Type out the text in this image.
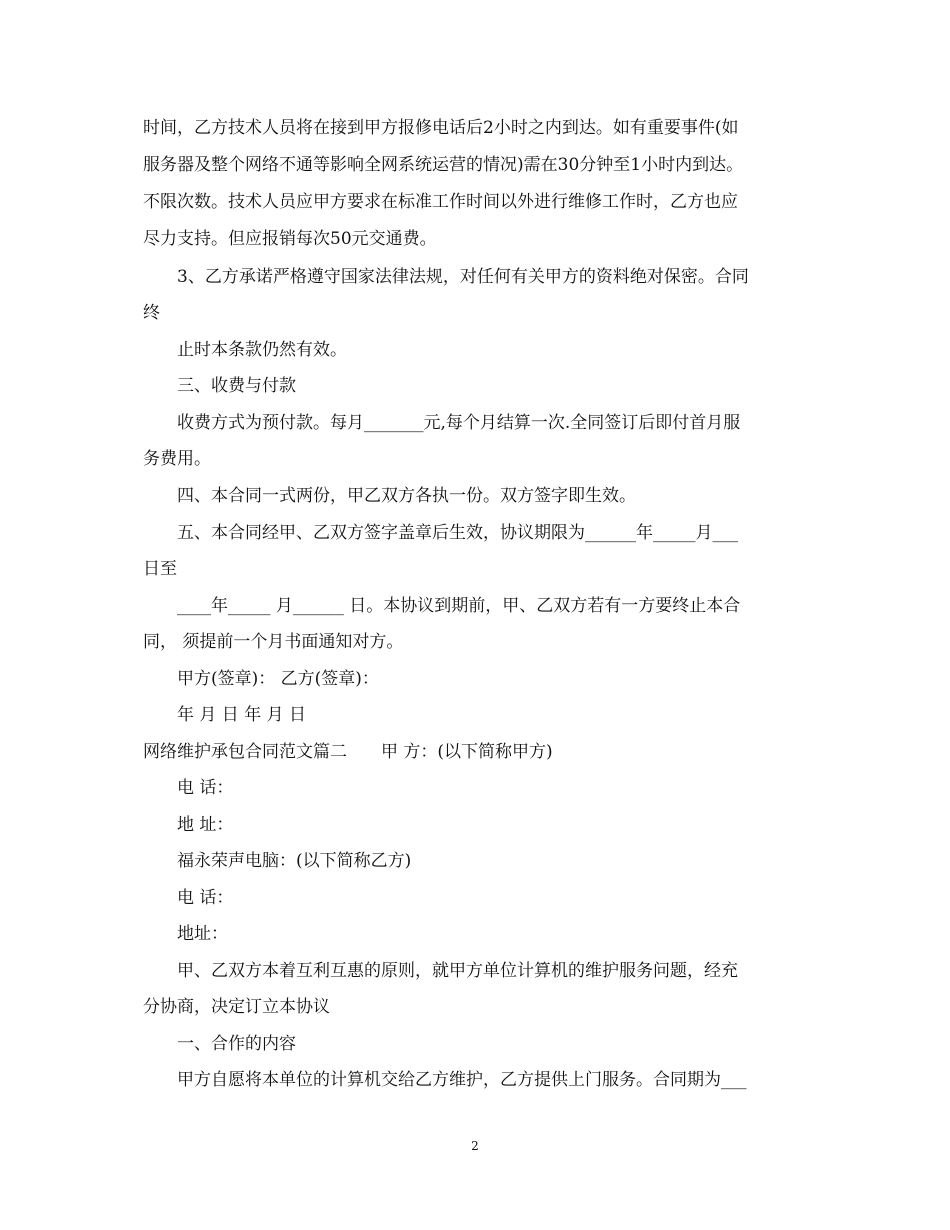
时间，乙方技术人员将在接到甲方报修电话后2小时之内到达。如有重要事件(如
服务器及整个网络不通等影响全网系统运营的情况)需在30分钟至1小时内到达。
不限次数。技术人员应甲方要求在标准工作时间以外进行维修工作时，乙方也应
尽力支持。但应报销每次50元交通费。
3、乙方承诺严格遵守国家法律法规，对任何有关甲方的资料绝对保密。合同
终
止时本条款仍然有效。
三、收费与付款
收费方式为预付款。每月_______元,每个月结算一次.全同签订后即付首月服
务费用。
四、本合同一式两份，甲乙双方各执一份。双方签字即生效。
五、本合同经甲、乙双方签字盖章后生效，协议期限为______年_____月___
日至
____年_____ 月______ 日。本协议到期前，甲、乙双方若有一方要终止本合
同， 须提前一个月书面通知对方。
甲方(签章)： 乙方(签章)：
年 月 日 年 月 日
网络维护承包合同范文篇二　　甲 方：(以下简称甲方)
电 话：
地 址：
福永荣声电脑：(以下简称乙方)
电 话：
地址：
甲、乙双方本着互利互惠的原则，就甲方单位计算机的维护服务问题，经充
分协商，决定订立本协议
一、合作的内容
甲方自愿将本单位的计算机交给乙方维护，乙方提供上门服务。合同期为___
2
